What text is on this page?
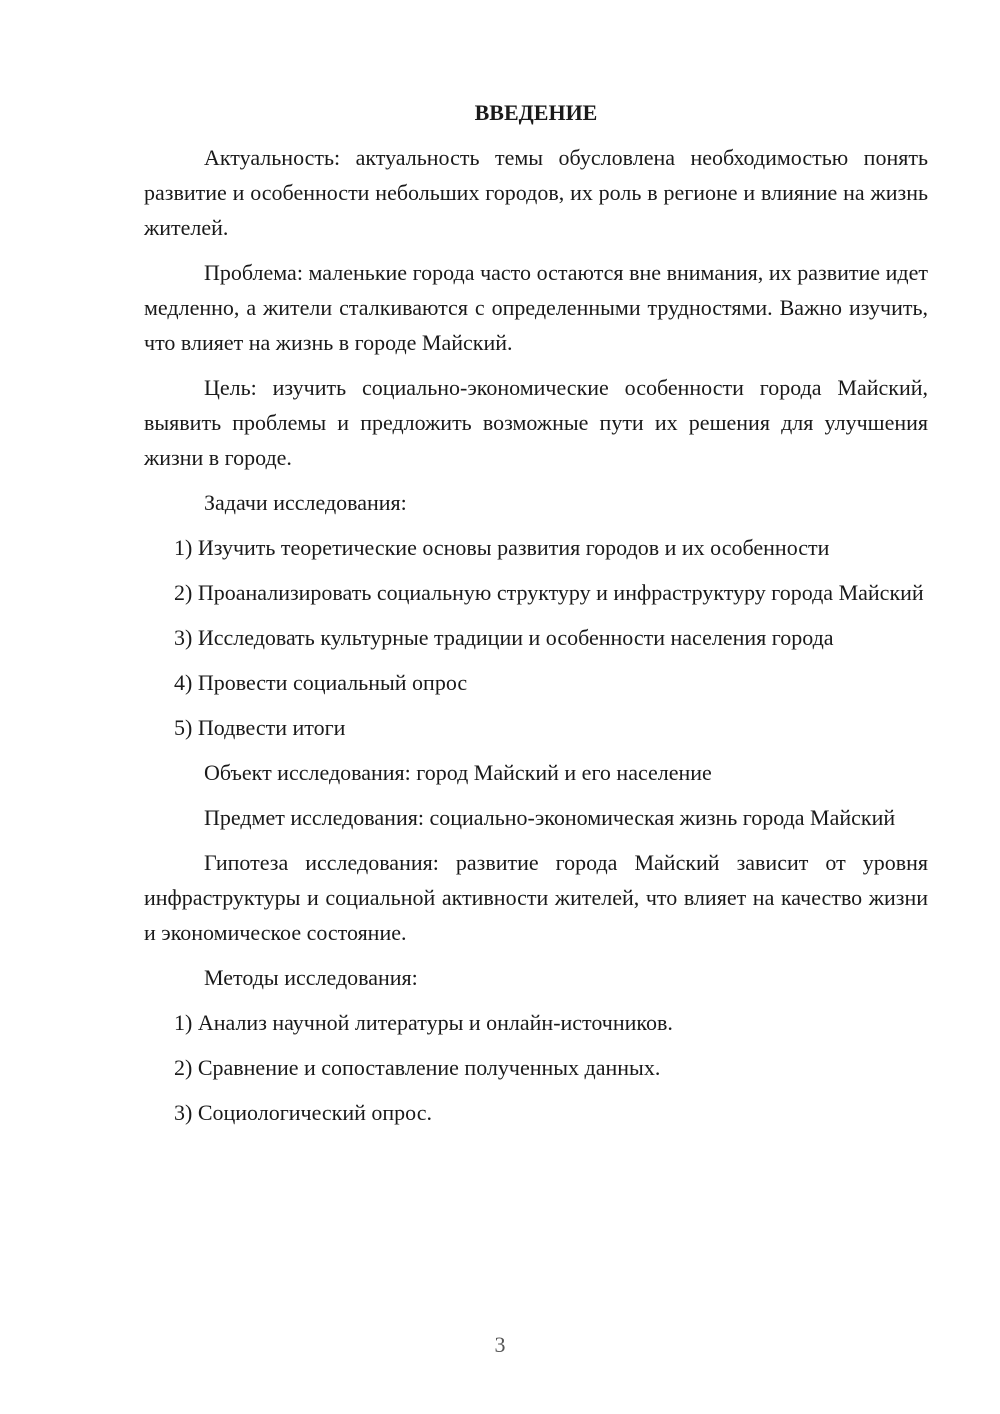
ВВЕДЕНИЕ

Актуальность: актуальность темы обусловлена необходимостью понять развитие и особенности небольших городов, их роль в регионе и влияние на жизнь жителей.

Проблема: маленькие города часто остаются вне внимания, их развитие идет медленно, а жители сталкиваются с определенными трудностями. Важно изучить, что влияет на жизнь в городе Майский.

Цель: изучить социально-экономические особенности города Майский, выявить проблемы и предложить возможные пути их решения для улучшения жизни в городе.

Задачи исследования:

1) Изучить теоретические основы развития городов и их особенности

2) Проанализировать социальную структуру и инфраструктуру города Майский

3) Исследовать культурные традиции и особенности населения города

4) Провести социальный опрос

5) Подвести итоги

Объект исследования: город Майский и его население

Предмет исследования: социально-экономическая жизнь города Майский

Гипотеза исследования: развитие города Майский зависит от уровня инфраструктуры и социальной активности жителей, что влияет на качество жизни и экономическое состояние.

Методы исследования:

1) Анализ научной литературы и онлайн-источников.

2) Сравнение и сопоставление полученных данных.

3) Социологический опрос.

3
